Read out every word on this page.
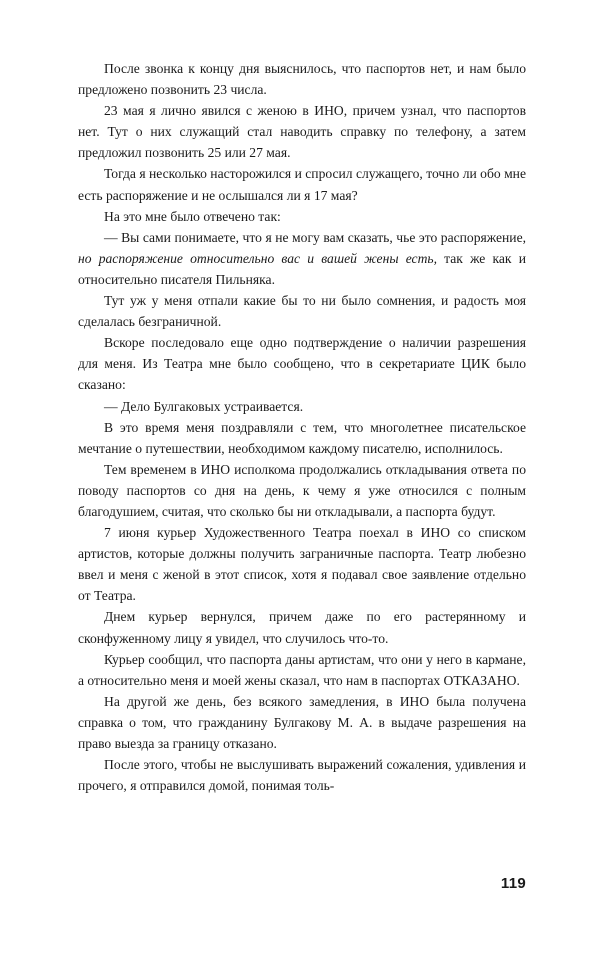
После звонка к концу дня выяснилось, что паспортов нет, и нам было предложено позвонить 23 числа.

23 мая я лично явился с женою в ИНО, причем узнал, что паспортов нет. Тут о них служащий стал наводить справку по телефону, а затем предложил позвонить 25 или 27 мая.

Тогда я несколько насторожился и спросил служащего, точно ли обо мне есть распоряжение и не ослышался ли я 17 мая?

На это мне было отвечено так:

— Вы сами понимаете, что я не могу вам сказать, чье это распоряжение, но распоряжение относительно вас и вашей жены есть, так же как и относительно писателя Пильняка.

Тут уж у меня отпали какие бы то ни было сомнения, и радость моя сделалась безграничной.

Вскоре последовало еще одно подтверждение о наличии разрешения для меня. Из Театра мне было сообщено, что в секретариате ЦИК было сказано:

— Дело Булгаковых устраивается.

В это время меня поздравляли с тем, что многолетнее писательское мечтание о путешествии, необходимом каждому писателю, исполнилось.

Тем временем в ИНО исполкома продолжались откладывания ответа по поводу паспортов со дня на день, к чему я уже относился с полным благодушием, считая, что сколько бы ни откладывали, а паспорта будут.

7 июня курьер Художественного Театра поехал в ИНО со списком артистов, которые должны получить заграничные паспорта. Театр любезно ввел и меня с женой в этот список, хотя я подавал свое заявление отдельно от Театра.

Днем курьер вернулся, причем даже по его растерянному и сконфуженному лицу я увидел, что случилось что-то.

Курьер сообщил, что паспорта даны артистам, что они у него в кармане, а относительно меня и моей жены сказал, что нам в паспортах ОТКАЗАНО.

На другой же день, без всякого замедления, в ИНО была получена справка о том, что гражданину Булгакову М. А. в выдаче разрешения на право выезда за границу отказано.

После этого, чтобы не выслушивать выражений сожаления, удивления и прочего, я отправился домой, понимая толь-

119
